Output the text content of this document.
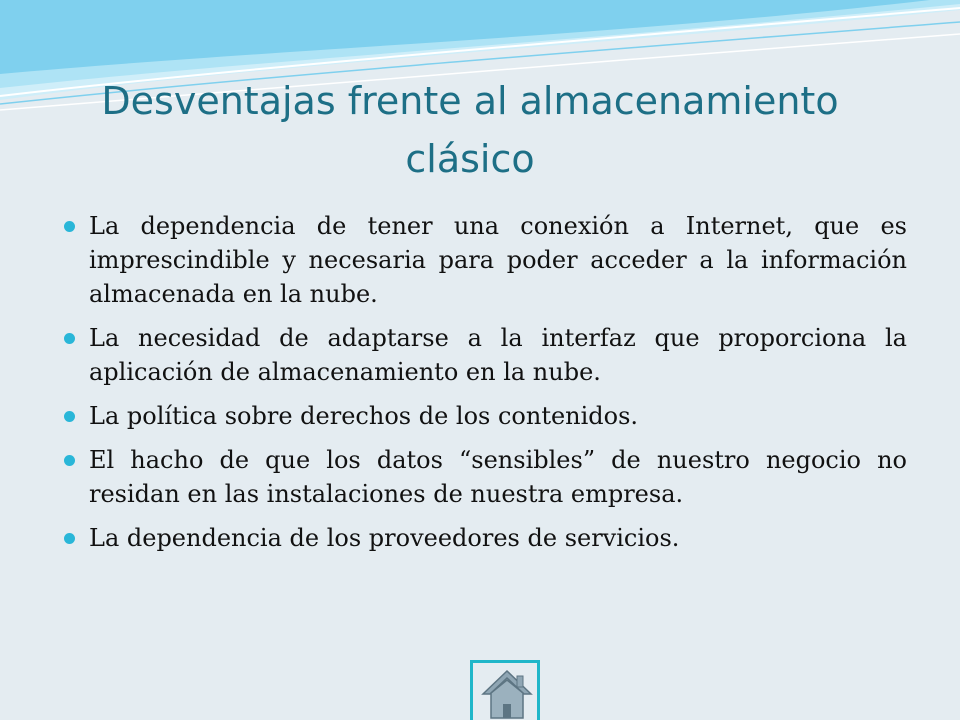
Desventajas frente al almacenamiento clásico
La dependencia de tener una conexión a Internet, que es imprescindible y necesaria para poder acceder a la información almacenada en la nube.
La necesidad de adaptarse a la interfaz que proporciona la aplicación de almacenamiento en la nube.
La política sobre derechos de los contenidos.
El hacho de que los datos “sensibles” de nuestro negocio no residan en las instalaciones de nuestra empresa.
La dependencia de los proveedores de servicios.
